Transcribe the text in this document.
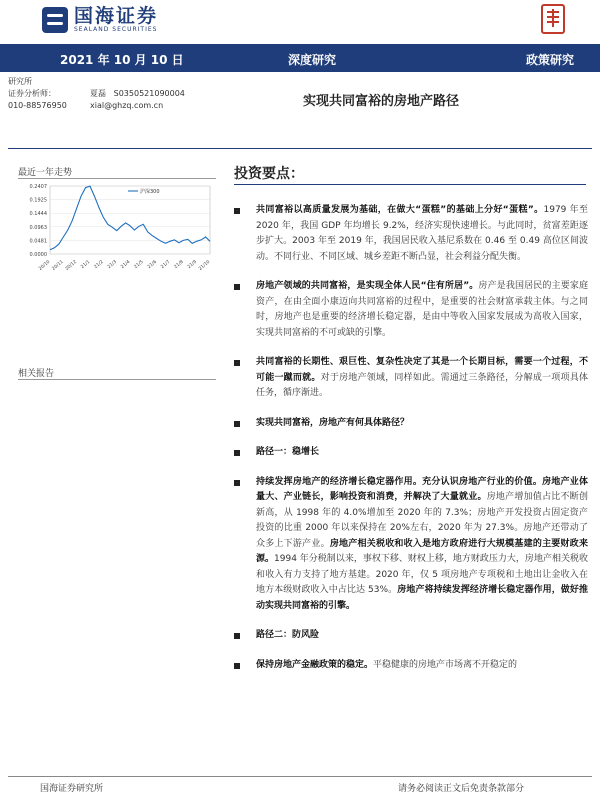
国海证券
SEALAND SECURITIES
2021 年 10 月 10 日	深度研究	政策研究
研究所
证券分析师：	夏磊 S0350521090004
010-88576950	xial@ghzq.com.cn	实现共同富裕的房地产路径
最近一年走势
0.2407
0.1925
0.1444
0.0963
0.0481
0.0000
20/10 20/11 20/12 21/1 21/2 21/3 21/4 21/5 21/6 21/7 21/8 21/9 21/10
沪深300
相关报告
投资要点：
共同富裕以高质量发展为基础，在做大“蛋糕”的基础上分好“蛋糕”。1979 年至 2020 年，我国 GDP 年均增长 9.2%，经济实现快速增长。与此同时，贫富差距逐步扩大。2003 年至 2019 年，我国居民收入基尼系数在 0.46 至 0.49 高位区间波动。不同行业、不同区域、城乡差距不断凸显，社会利益分配失衡。
房地产领域的共同富裕，是实现全体人民“住有所居”。房产是我国居民的主要家庭资产，在由全面小康迈向共同富裕的过程中，是重要的社会财富承载主体。与之同时，房地产也是重要的经济增长稳定器，是由中等收入国家发展成为高收入国家，实现共同富裕的不可或缺的引擎。
共同富裕的长期性、艰巨性、复杂性决定了其是一个长期目标，需要一个过程，不可能一蹴而就。对于房地产领域，同样如此。需通过三条路径，分解成一项项具体任务，循序渐进。
实现共同富裕，房地产有何具体路径？
路径一：稳增长
持续发挥房地产的经济增长稳定器作用。充分认识房地产行业的价值。房地产业体量大、产业链长，影响投资和消费，并解决了大量就业。房地产增加值占比不断创新高，从 1998 年的 4.0%增加至 2020 年的 7.3%；房地产开发投资占固定资产投资的比重 2000 年以来保持在 20%左右，2020 年为 27.3%。房地产还带动了众多上下游产业。房地产相关税收和收入是地方政府进行大规模基建的主要财政来源。1994 年分税制以来，事权下移、财权上移，地方财政压力大，房地产相关税收和收入有力支持了地方基建。2020 年，仅 5 项房地产专项税和土地出让金收入在地方本级财政收入中占比达 53%。房地产将持续发挥经济增长稳定器作用，做好推动实现共同富裕的引擎。
路径二：防风险
保持房地产金融政策的稳定。平稳健康的房地产市场离不开稳定的
国海证券研究所	请务必阅读正文后免责条款部分
